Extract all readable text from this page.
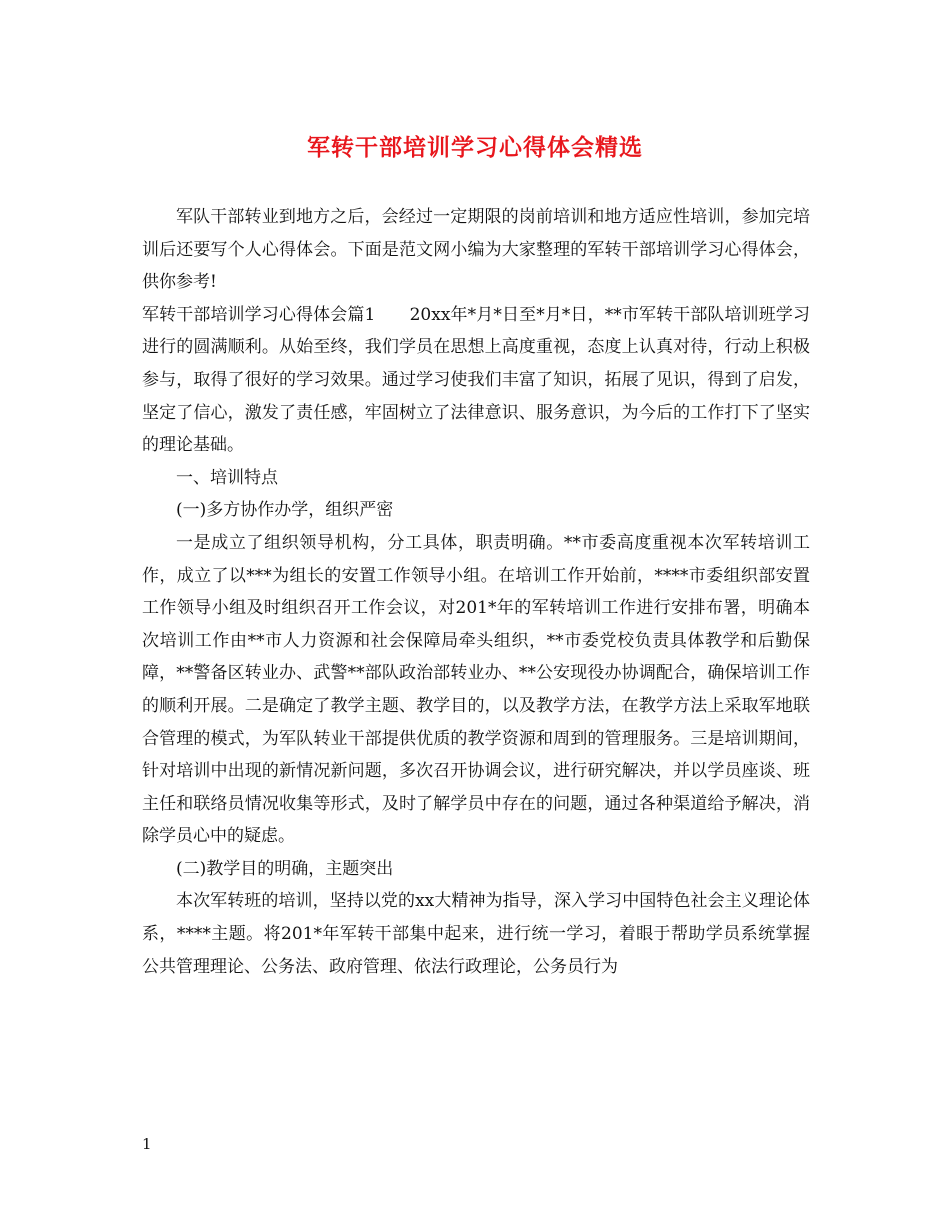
军转干部培训学习心得体会精选

军队干部转业到地方之后，会经过一定期限的岗前培训和地方适应性培训，参加完培训后还要写个人心得体会。下面是范文网小编为大家整理的军转干部培训学习心得体会，供你参考!

军转干部培训学习心得体会篇1　　20xx年*月*日至*月*日，**市军转干部队培训班学习进行的圆满顺利。从始至终，我们学员在思想上高度重视，态度上认真对待，行动上积极参与，取得了很好的学习效果。通过学习使我们丰富了知识，拓展了见识，得到了启发，坚定了信心，激发了责任感，牢固树立了法律意识、服务意识，为今后的工作打下了坚实的理论基础。

一、培训特点

(一)多方协作办学，组织严密

一是成立了组织领导机构，分工具体，职责明确。**市委高度重视本次军转培训工作，成立了以***为组长的安置工作领导小组。在培训工作开始前，****市委组织部安置工作领导小组及时组织召开工作会议，对201*年的军转培训工作进行安排布署，明确本次培训工作由**市人力资源和社会保障局牵头组织，**市委党校负责具体教学和后勤保障，**警备区转业办、武警**部队政治部转业办、**公安现役办协调配合，确保培训工作的顺利开展。二是确定了教学主题、教学目的，以及教学方法，在教学方法上采取军地联合管理的模式，为军队转业干部提供优质的教学资源和周到的管理服务。三是培训期间，针对培训中出现的新情况新问题，多次召开协调会议，进行研究解决，并以学员座谈、班主任和联络员情况收集等形式，及时了解学员中存在的问题，通过各种渠道给予解决，消除学员心中的疑虑。

(二)教学目的明确，主题突出

本次军转班的培训，坚持以党的xx大精神为指导，深入学习中国特色社会主义理论体系，****主题。将201*年军转干部集中起来，进行统一学习，着眼于帮助学员系统掌握公共管理理论、公务法、政府管理、依法行政理论，公务员行为

1
